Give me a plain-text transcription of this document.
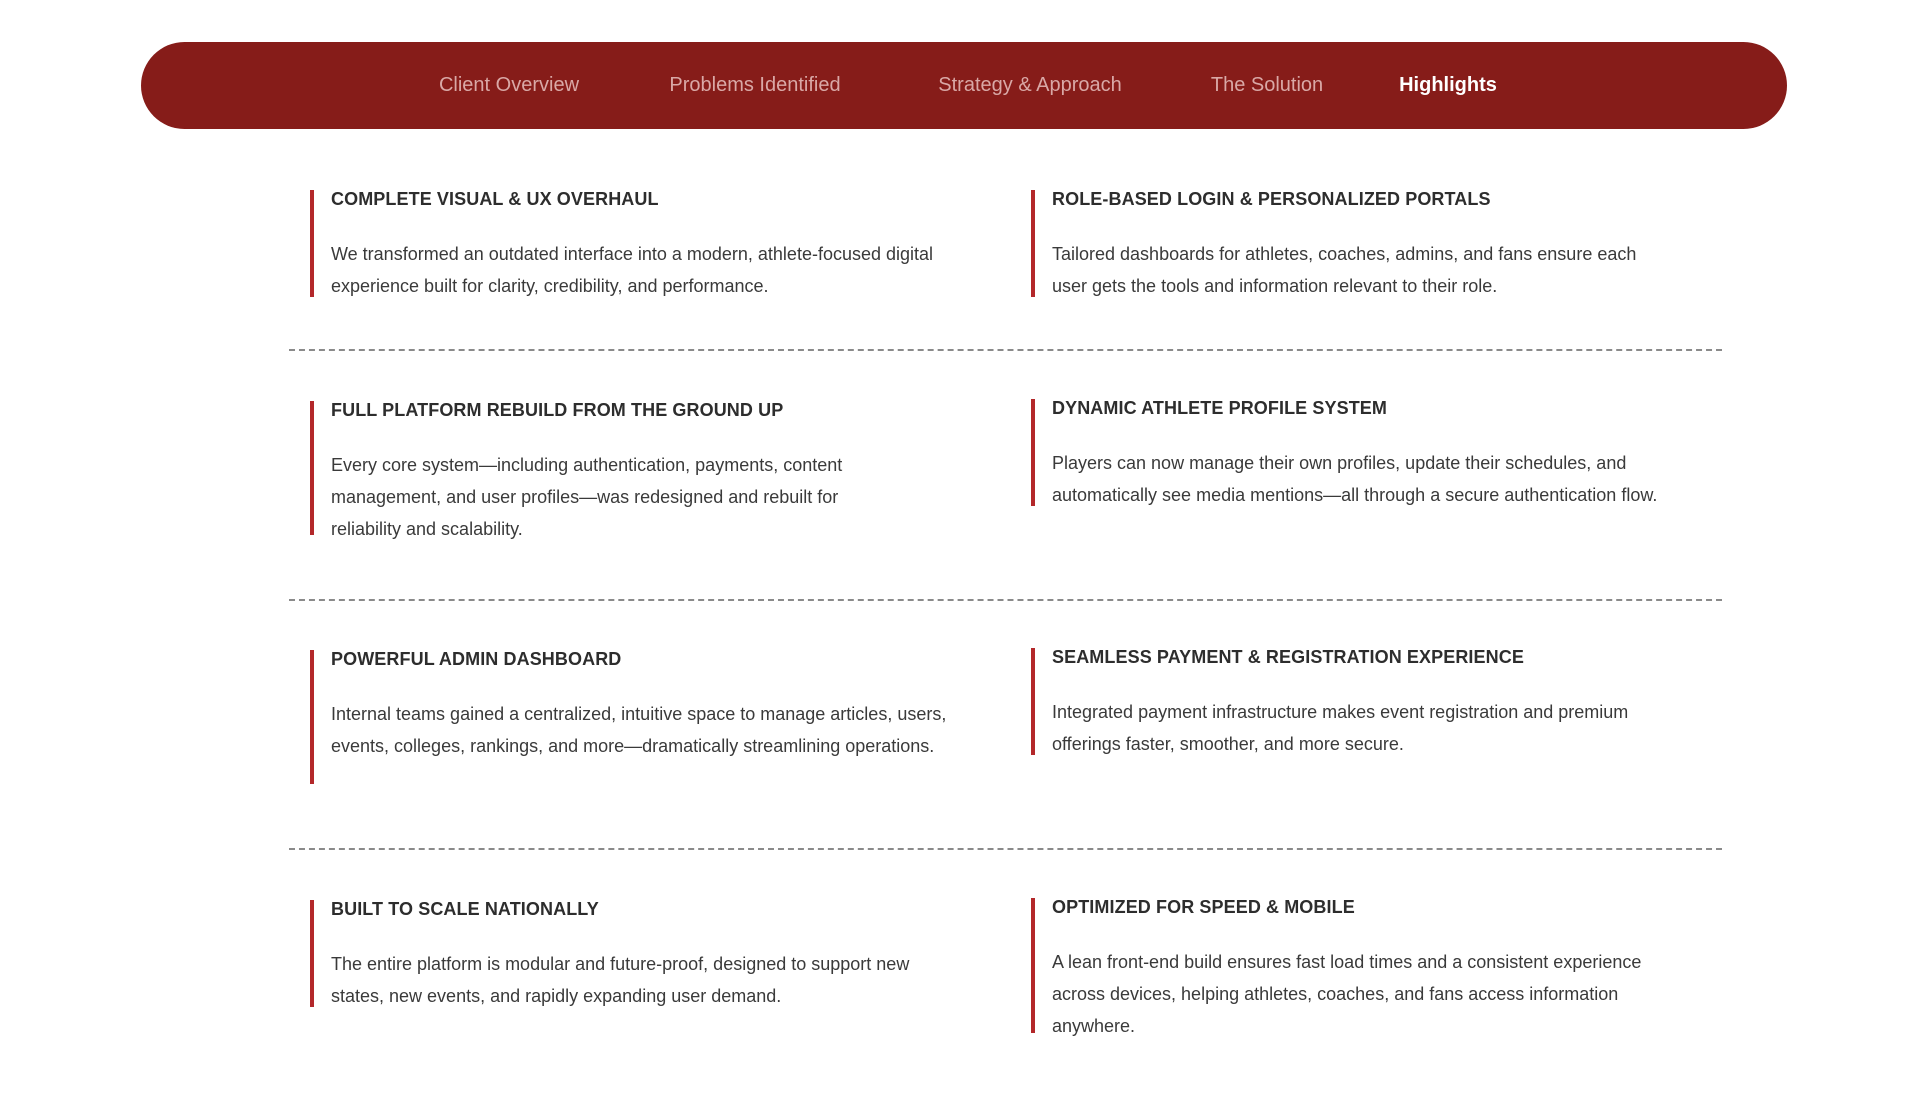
Client Overview	Problems Identified	Strategy & Approach	The Solution	Highlights
COMPLETE VISUAL & UX OVERHAUL

We transformed an outdated interface into a modern, athlete-focused digital experience built for clarity, credibility, and performance.

ROLE-BASED LOGIN & PERSONALIZED PORTALS

Tailored dashboards for athletes, coaches, admins, and fans ensure each user gets the tools and information relevant to their role.

FULL PLATFORM REBUILD FROM THE GROUND UP

Every core system—including authentication, payments, content management, and user profiles—was redesigned and rebuilt for reliability and scalability.

DYNAMIC ATHLETE PROFILE SYSTEM

Players can now manage their own profiles, update their schedules, and automatically see media mentions—all through a secure authentication flow.

POWERFUL ADMIN DASHBOARD

Internal teams gained a centralized, intuitive space to manage articles, users, events, colleges, rankings, and more—dramatically streamlining operations.

SEAMLESS PAYMENT & REGISTRATION EXPERIENCE

Integrated payment infrastructure makes event registration and premium offerings faster, smoother, and more secure.

BUILT TO SCALE NATIONALLY

The entire platform is modular and future-proof, designed to support new states, new events, and rapidly expanding user demand.

OPTIMIZED FOR SPEED & MOBILE

A lean front-end build ensures fast load times and a consistent experience across devices, helping athletes, coaches, and fans access information anywhere.
